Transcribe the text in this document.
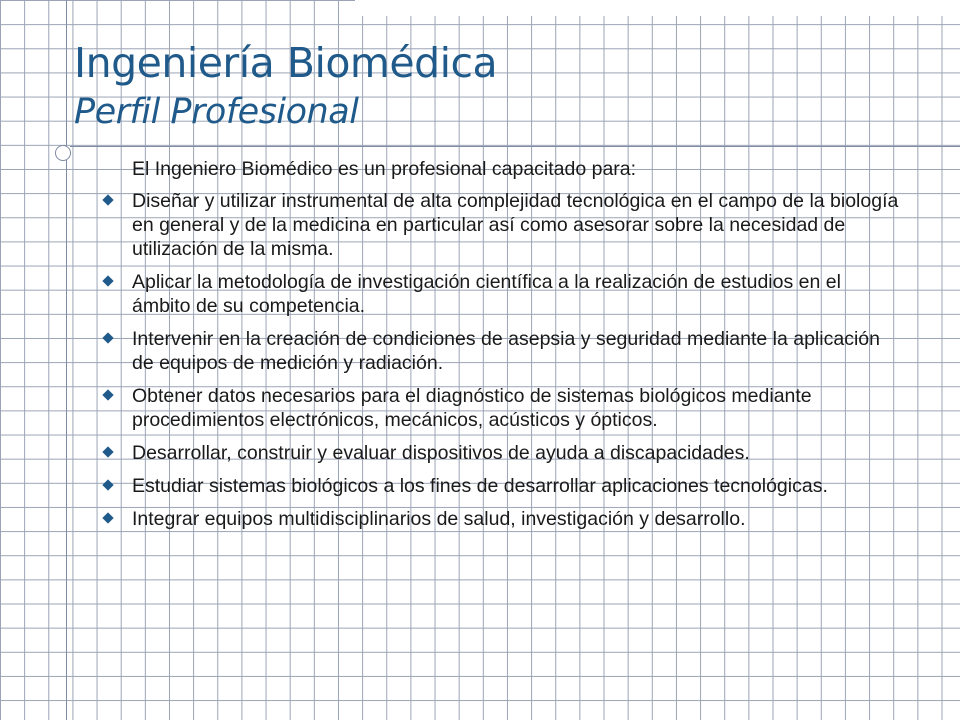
Ingeniería Biomédica
Perfil Profesional
El Ingeniero Biomédico es un profesional capacitado para:
Diseñar y utilizar instrumental de alta complejidad tecnológica en el campo de la biología en general y de la medicina en particular así como asesorar sobre la necesidad de utilización de la misma.
Aplicar la metodología de investigación científica a la realización de estudios en el ámbito de su competencia.
Intervenir en la creación de condiciones de asepsia y seguridad mediante la aplicación de equipos de medición y radiación.
Obtener datos necesarios para el diagnóstico de sistemas biológicos mediante procedimientos electrónicos, mecánicos, acústicos y ópticos.
Desarrollar, construir y evaluar dispositivos de ayuda a discapacidades.
Estudiar sistemas biológicos a los fines de desarrollar aplicaciones tecnológicas.
Integrar equipos multidisciplinarios de salud, investigación y desarrollo.
